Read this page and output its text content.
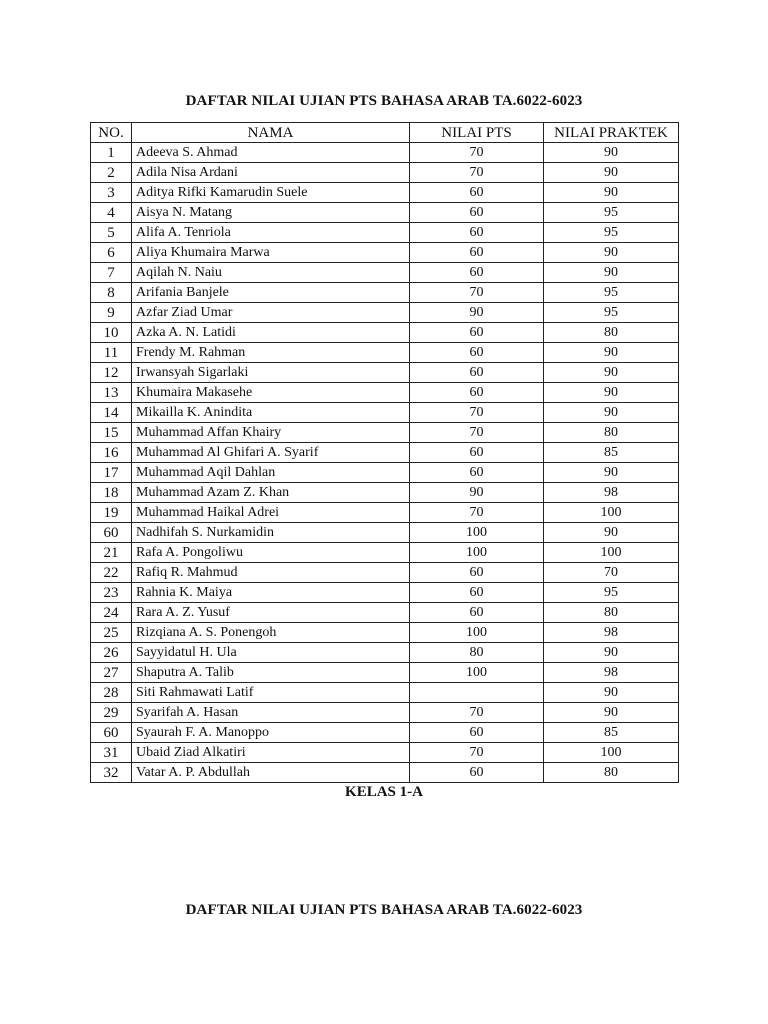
DAFTAR NILAI UJIAN PTS BAHASA ARAB TA.6022-6023
NO.	NAMA	NILAI PTS	NILAI PRAKTEK
1	Adeeva S. Ahmad	70	90
2	Adila Nisa Ardani	70	90
3	Aditya Rifki Kamarudin Suele	60	90
4	Aisya N. Matang	60	95
5	Alifa A. Tenriola	60	95
6	Aliya Khumaira Marwa	60	90
7	Aqilah N. Naiu	60	90
8	Arifania Banjele	70	95
9	Azfar Ziad Umar	90	95
10	Azka A. N. Latidi	60	80
11	Frendy M. Rahman	60	90
12	Irwansyah Sigarlaki	60	90
13	Khumaira Makasehe	60	90
14	Mikailla K. Anindita	70	90
15	Muhammad Affan Khairy	70	80
16	Muhammad Al Ghifari A. Syarif	60	85
17	Muhammad Aqil Dahlan	60	90
18	Muhammad Azam Z. Khan	90	98
19	Muhammad Haikal Adrei	70	100
60	Nadhifah S. Nurkamidin	100	90
21	Rafa A. Pongoliwu	100	100
22	Rafiq R. Mahmud	60	70
23	Rahnia K. Maiya	60	95
24	Rara A. Z. Yusuf	60	80
25	Rizqiana A. S. Ponengoh	100	98
26	Sayyidatul H. Ula	80	90
27	Shaputra A. Talib	100	98
28	Siti Rahmawati Latif		90
29	Syarifah A. Hasan	70	90
60	Syaurah F. A. Manoppo	60	85
31	Ubaid Ziad Alkatiri	70	100
32	Vatar A. P. Abdullah	60	80
KELAS 1-A
DAFTAR NILAI UJIAN PTS BAHASA ARAB TA.6022-6023
